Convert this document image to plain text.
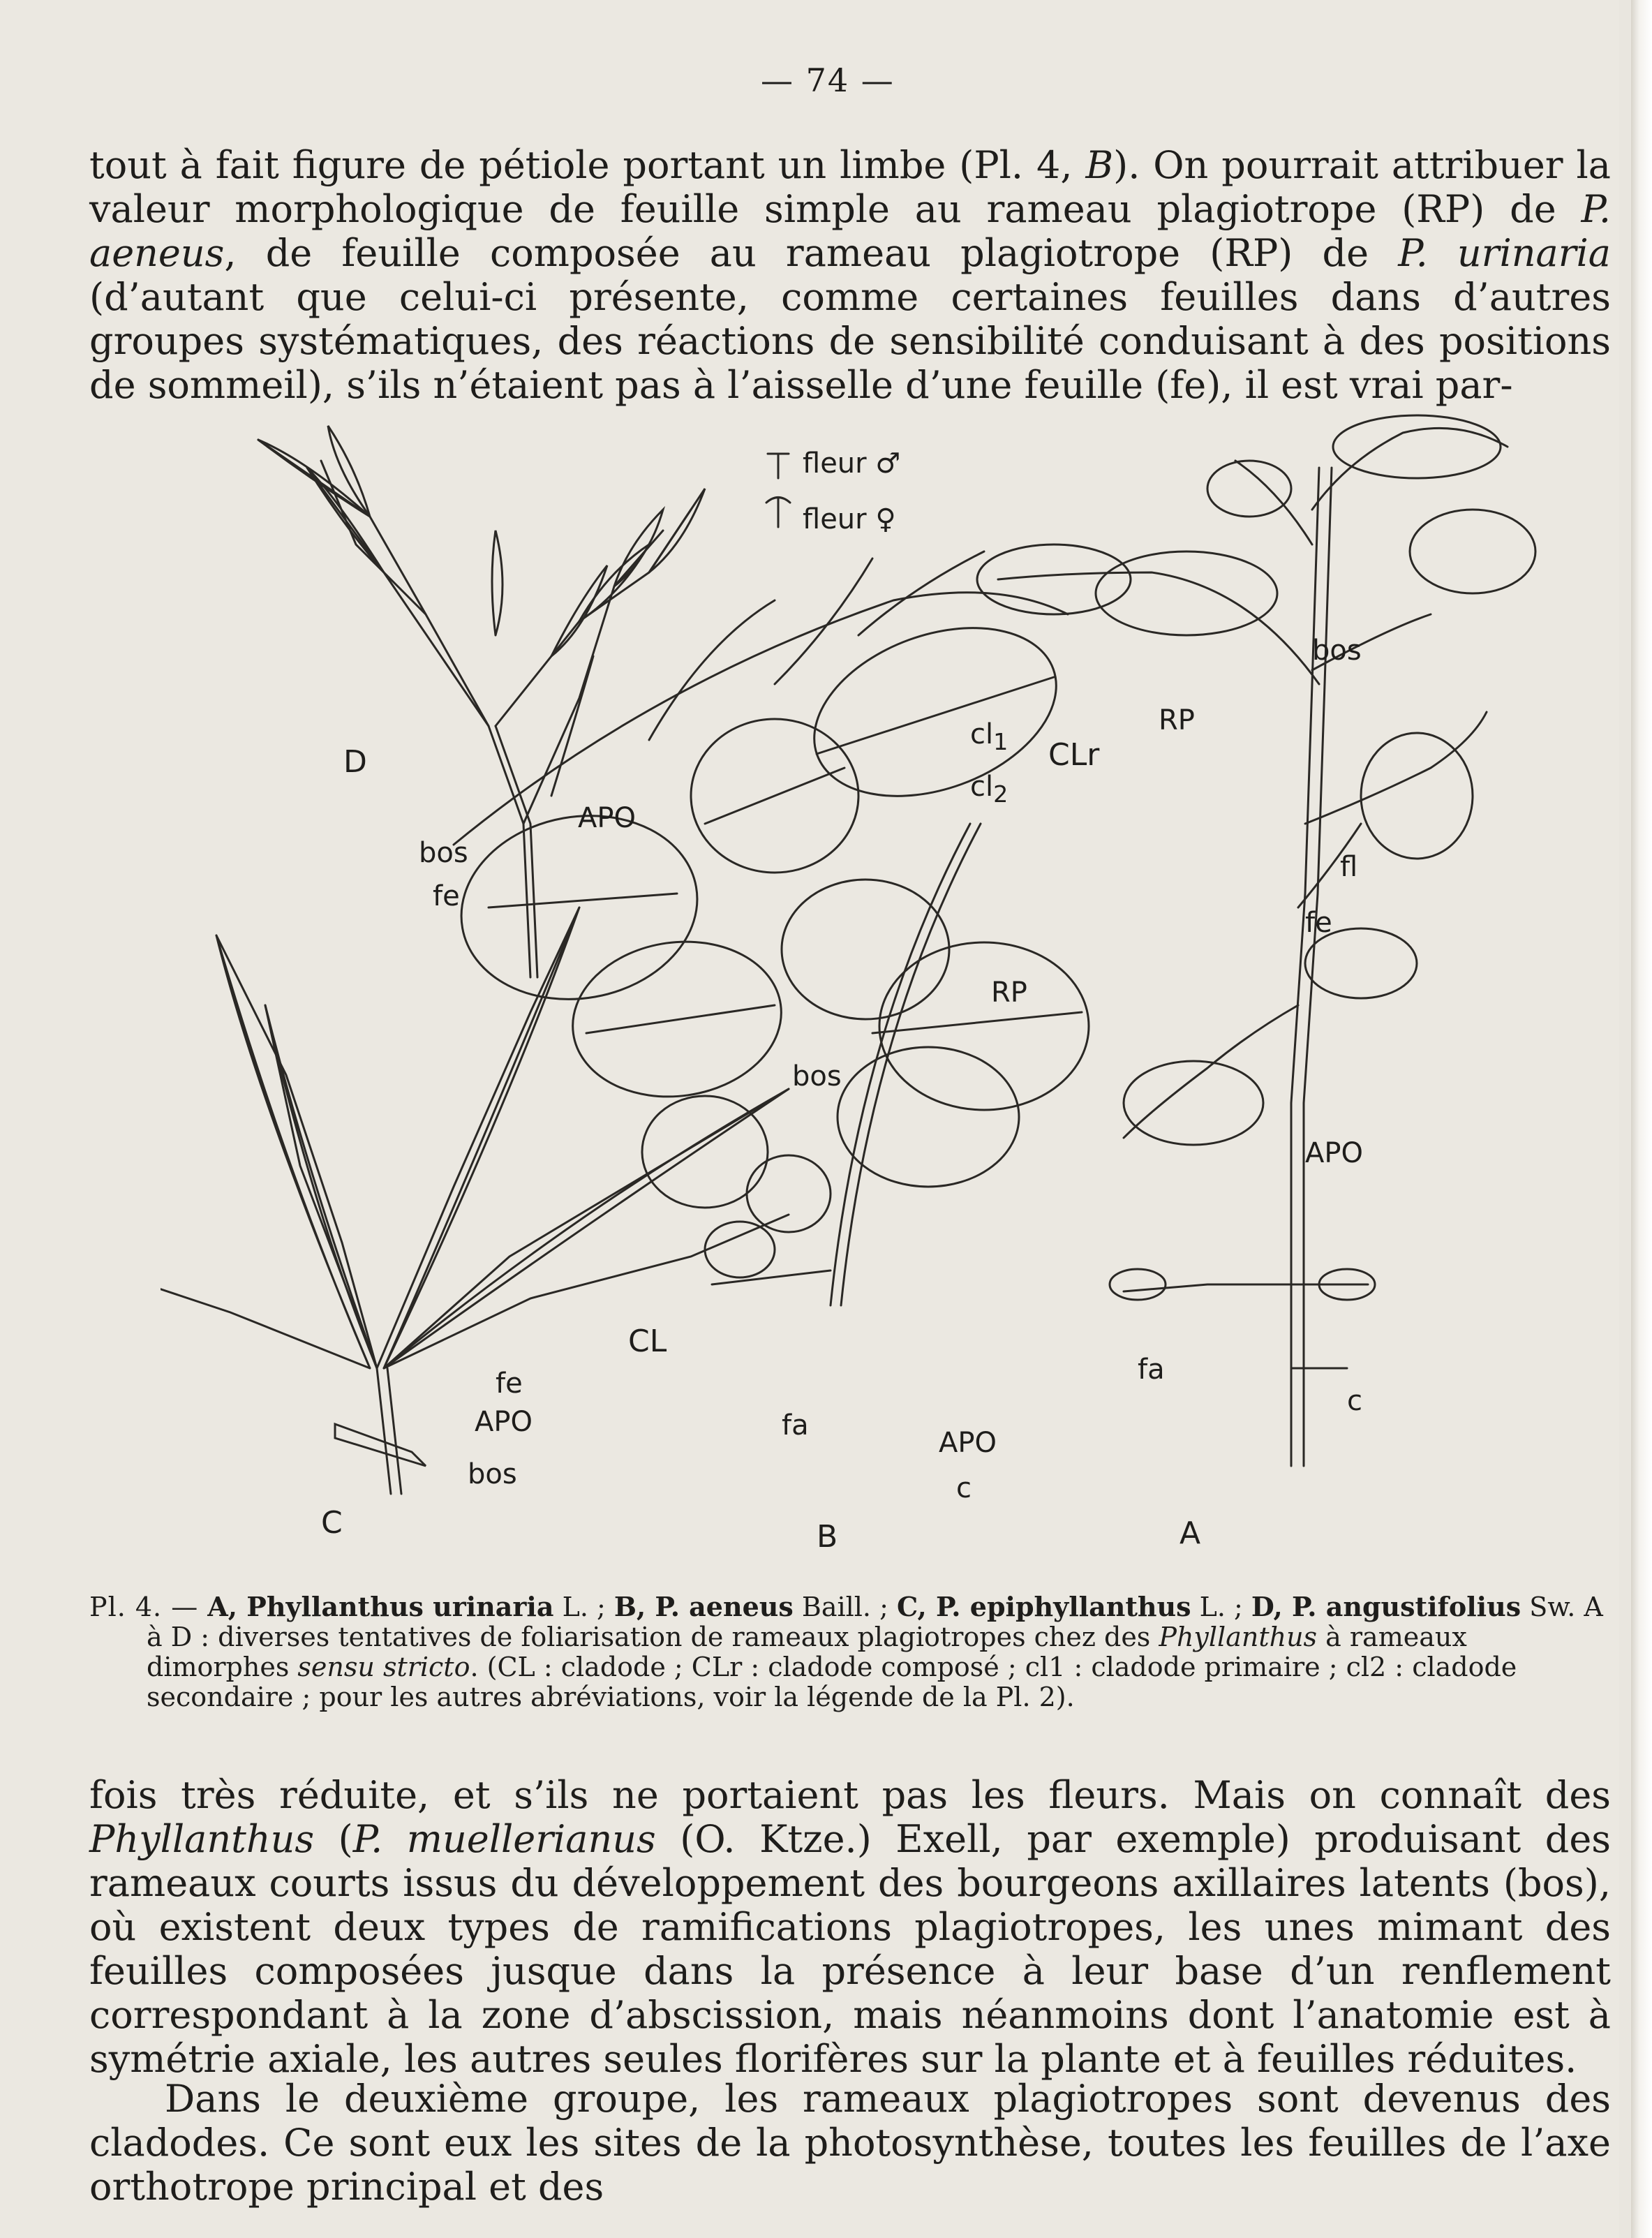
— 74 —

tout à fait figure de pétiole portant un limbe (Pl. 4, B). On pourrait attribuer la valeur morphologique de feuille simple au rameau plagiotrope (RP) de P. aeneus, de feuille composée au rameau plagiotrope (RP) de P. urinaria (d’autant que celui-ci présente, comme certaines feuilles dans d’autres groupes systématiques, des réactions de sensibilité conduisant à des positions de sommeil), s’ils n’étaient pas à l’aisselle d’une feuille (fe), il est vrai par-

fleur ♂
fleur ♀
D
APO
bos
fe
$cl_1$
$cl_2$
CLr
RP
bos
fa
APO
c
B
bos
RP
fl
fe
APO
fa
c
A
CL
fe
APO
bos
C

Pl. 4. — A, Phyllanthus urinaria L. ; B, P. aeneus Baill. ; C, P. epiphyllanthus L. ; D, P. angustifolius Sw. A à D : diverses tentatives de foliarisation de rameaux plagiotropes chez des Phyllanthus à rameaux dimorphes sensu stricto. (CL : cladode ; CLr : cladode composé ; cl1 : cladode primaire ; cl2 : cladode secondaire ; pour les autres abréviations, voir la légende de la Pl. 2).

fois très réduite, et s’ils ne portaient pas les fleurs. Mais on connaît des Phyllanthus (P. muellerianus (O. Ktze.) Exell, par exemple) produisant des rameaux courts issus du développement des bourgeons axillaires latents (bos), où existent deux types de ramifications plagiotropes, les unes mimant des feuilles composées jusque dans la présence à leur base d’un renflement correspondant à la zone d’abscission, mais néanmoins dont l’anatomie est à symétrie axiale, les autres seules florifères sur la plante et à feuilles réduites.

Dans le deuxième groupe, les rameaux plagiotropes sont devenus des cladodes. Ce sont eux les sites de la photosynthèse, toutes les feuilles de l’axe orthotrope principal et des
